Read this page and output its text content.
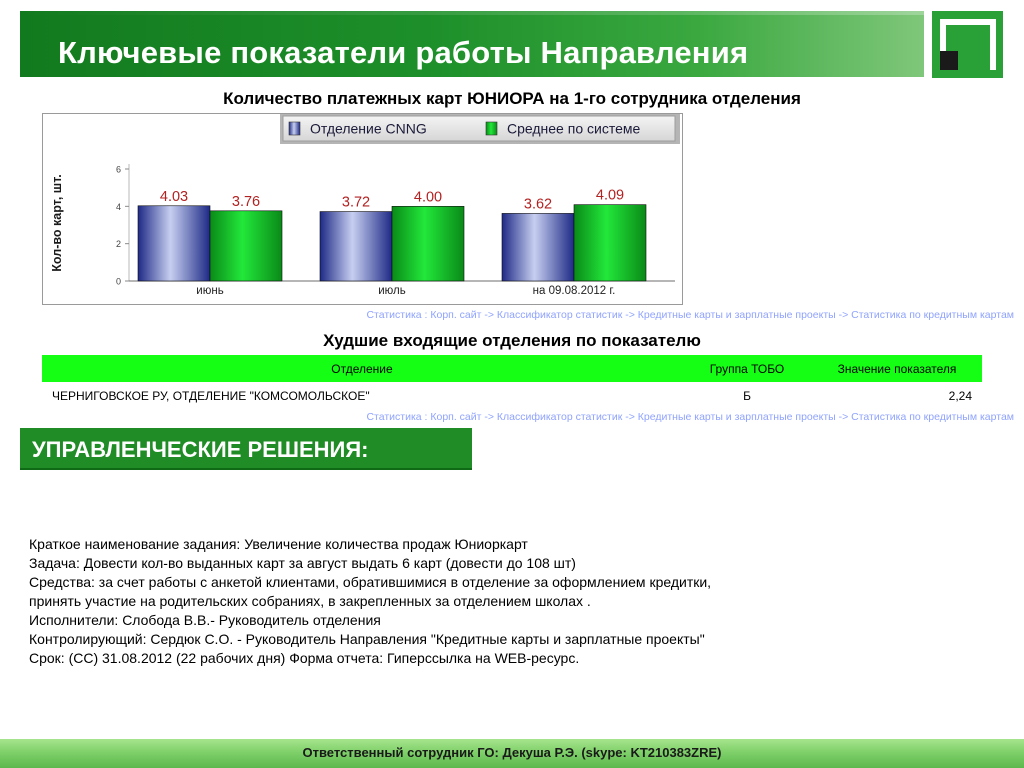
Ключевые показатели работы Направления
Количество платежных карт ЮНИОРА на 1-го сотрудника отделения
Отделение CNNG	Среднее по системе
0
2
4
6
Кол-во карт, шт.	4.03	3.76
июнь
3.72	4.00
июль
3.62
4.09
на 09.08.2012 г.
Статистика : Корп. сайт -> Классификатор статистик -> Кредитные карты и зарплатные проекты -> Статистика по кредитным картам
Худшие входящие отделения по показателю
Отделение	Группа ТОБО	Значение показателя
ЧЕРНИГОВСКОЕ РУ, ОТДЕЛЕНИЕ "КОМСОМОЛЬСКОЕ"	Б	2,24
Статистика : Корп. сайт -> Классификатор статистик -> Кредитные карты и зарплатные проекты -> Статистика по кредитным картам
УПРАВЛЕНЧЕСКИЕ РЕШЕНИЯ:
Краткое наименование задания: Увеличение количества продаж Юниоркарт
Задача: Довести кол-во выданных карт за август выдать 6 карт (довести до 108 шт)
Средства: за счет работы с анкетой клиентами, обратившимися в отделение за оформлением кредитки,
принять участие на родительских собраниях, в закрепленных за отделением школах .
Исполнители: Слобода В.В.- Руководитель отделения
Контролирующий: Сердюк С.О. - Руководитель Направления "Кредитные карты и зарплатные проекты"
Срок: (СС) 31.08.2012 (22 рабочих дня) Форма отчета: Гиперссылка на WEB-ресурс.
Ответственный сотрудник ГО: Декуша Р.Э. (skype: KT210383ZRE)
